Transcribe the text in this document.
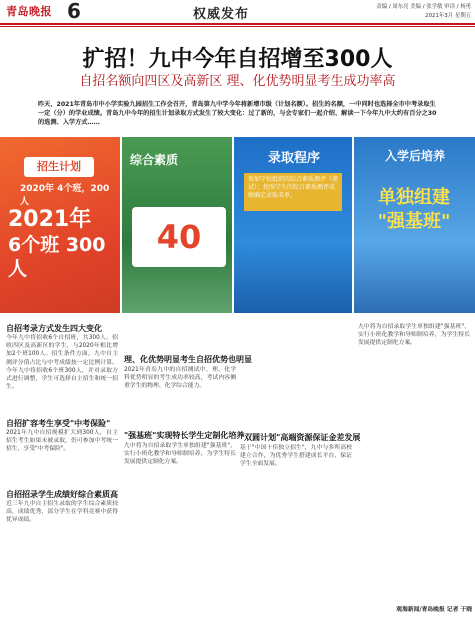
青岛晚报 6	权威发布	责编 / 周东亮 美编 / 张学敏 审读 / 杨勇
2021年3月 星期五
扩招！九中今年自招增至300人
自招名额向四区及高新区 理、化优势明显考生成功率高
昨天，2021年青岛市中小学实验九园招生工作会召开，青岛第九中学今年将新增市级（计划名额）。招生的名额，一中同时也选择全市中考录取生一定（分）的学业成绩。青岛九中今年的招生计划录取方式发生了较大变化：过了新的，与会专家们一起介绍、解读一下今年九中大约有百分之30的选测、入学方式……
招生计划
2020年 4个班，200人
2021年
6个班 300人
综合素质
40
录取程序
参加学校组织的综合素质测评（笔试）；按照学生的综合素质测评成绩确定录取名单。
入学后培养
单独组建
"强基班"
自招考录方式发生四大变化
今年九中将招收6个自招班，共300人，招收四区及高新区的学生，与2020年相比增加2个班100人。招生条件方面，九中自主测评分值占比与中考成绩按一定比例计算。今年九中将招收6个班300人，并对录取方式进行调整，学生可选择自主招生和统一招生。
自招扩容考生享受"中考保险"
2021年九中自招规模扩大到300人，自主招生考生如果未被录取，仍可参加中考统一招生，享受"中考保险"。
自招招录学生成绩好综合素质高
近三年九中自主招生录取的学生综合素质较高，成绩优秀，部分学生在学科竞赛中获得优异成绩。
理、化优势明显考生自招优势也明显
2021年青岛九中的自招测试中，理、化学科优势明显的考生成功率较高，考试内容侧重学生的物理、化学综合能力。
"强基班"实现特长学生定制化培养
九中将为自招录取学生单独组建"强基班"，实行小班化教学和导师制培养，为学生特长发展提供定制化方案。
"双圆计划"高端资源保证金差发展
基于"中国十佳独立招生"，九中与多所高校建立合作，为优秀学生搭建成长平台，保证学生全面发展。
九中将为自招录取学生单独组建"强基班"，实行小班化教学和导师制培养，为学生特长发展提供定制化方案。
观海新闻/青岛晚报 记者 于晓
